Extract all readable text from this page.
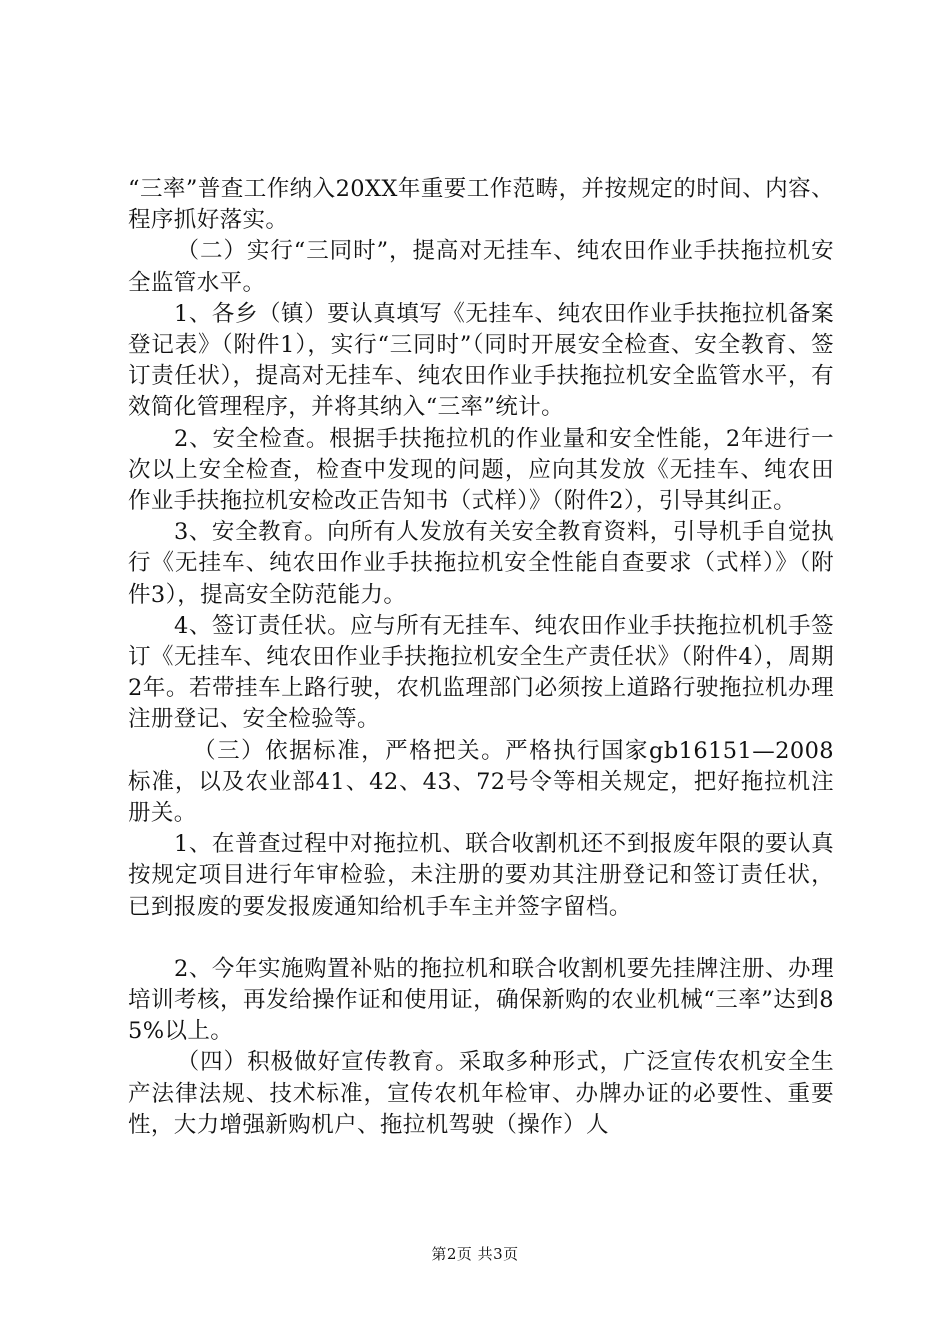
“三率”普查工作纳入20XX年重要工作范畴，并按规定的时间、内容、程序抓好落实。

（二）实行“三同时”，提高对无挂车、纯农田作业手扶拖拉机安全监管水平。

1、各乡（镇）要认真填写《无挂车、纯农田作业手扶拖拉机备案登记表》（附件1），实行“三同时”（同时开展安全检查、安全教育、签订责任状），提高对无挂车、纯农田作业手扶拖拉机安全监管水平，有效简化管理程序，并将其纳入“三率”统计。

2、安全检查。根据手扶拖拉机的作业量和安全性能，2年进行一次以上安全检查，检查中发现的问题，应向其发放《无挂车、纯农田作业手扶拖拉机安检改正告知书（式样）》（附件2），引导其纠正。

3、安全教育。向所有人发放有关安全教育资料，引导机手自觉执行《无挂车、纯农田作业手扶拖拉机安全性能自查要求（式样）》（附件3），提高安全防范能力。

4、签订责任状。应与所有无挂车、纯农田作业手扶拖拉机机手签订《无挂车、纯农田作业手扶拖拉机安全生产责任状》（附件4），周期2年。若带挂车上路行驶，农机监理部门必须按上道路行驶拖拉机办理注册登记、安全检验等。

（三）依据标准，严格把关。严格执行国家gb16151—2008标准，以及农业部41、42、43、72号令等相关规定，把好拖拉机注册关。

1、在普查过程中对拖拉机、联合收割机还不到报废年限的要认真按规定项目进行年审检验，未注册的要劝其注册登记和签订责任状，已到报废的要发报废通知给机手车主并签字留档。

2、今年实施购置补贴的拖拉机和联合收割机要先挂牌注册、办理培训考核，再发给操作证和使用证，确保新购的农业机械“三率”达到85%以上。

（四）积极做好宣传教育。采取多种形式，广泛宣传农机安全生产法律法规、技术标准，宣传农机年检审、办牌办证的必要性、重要性，大力增强新购机户、拖拉机驾驶（操作）人

第2页 共3页
